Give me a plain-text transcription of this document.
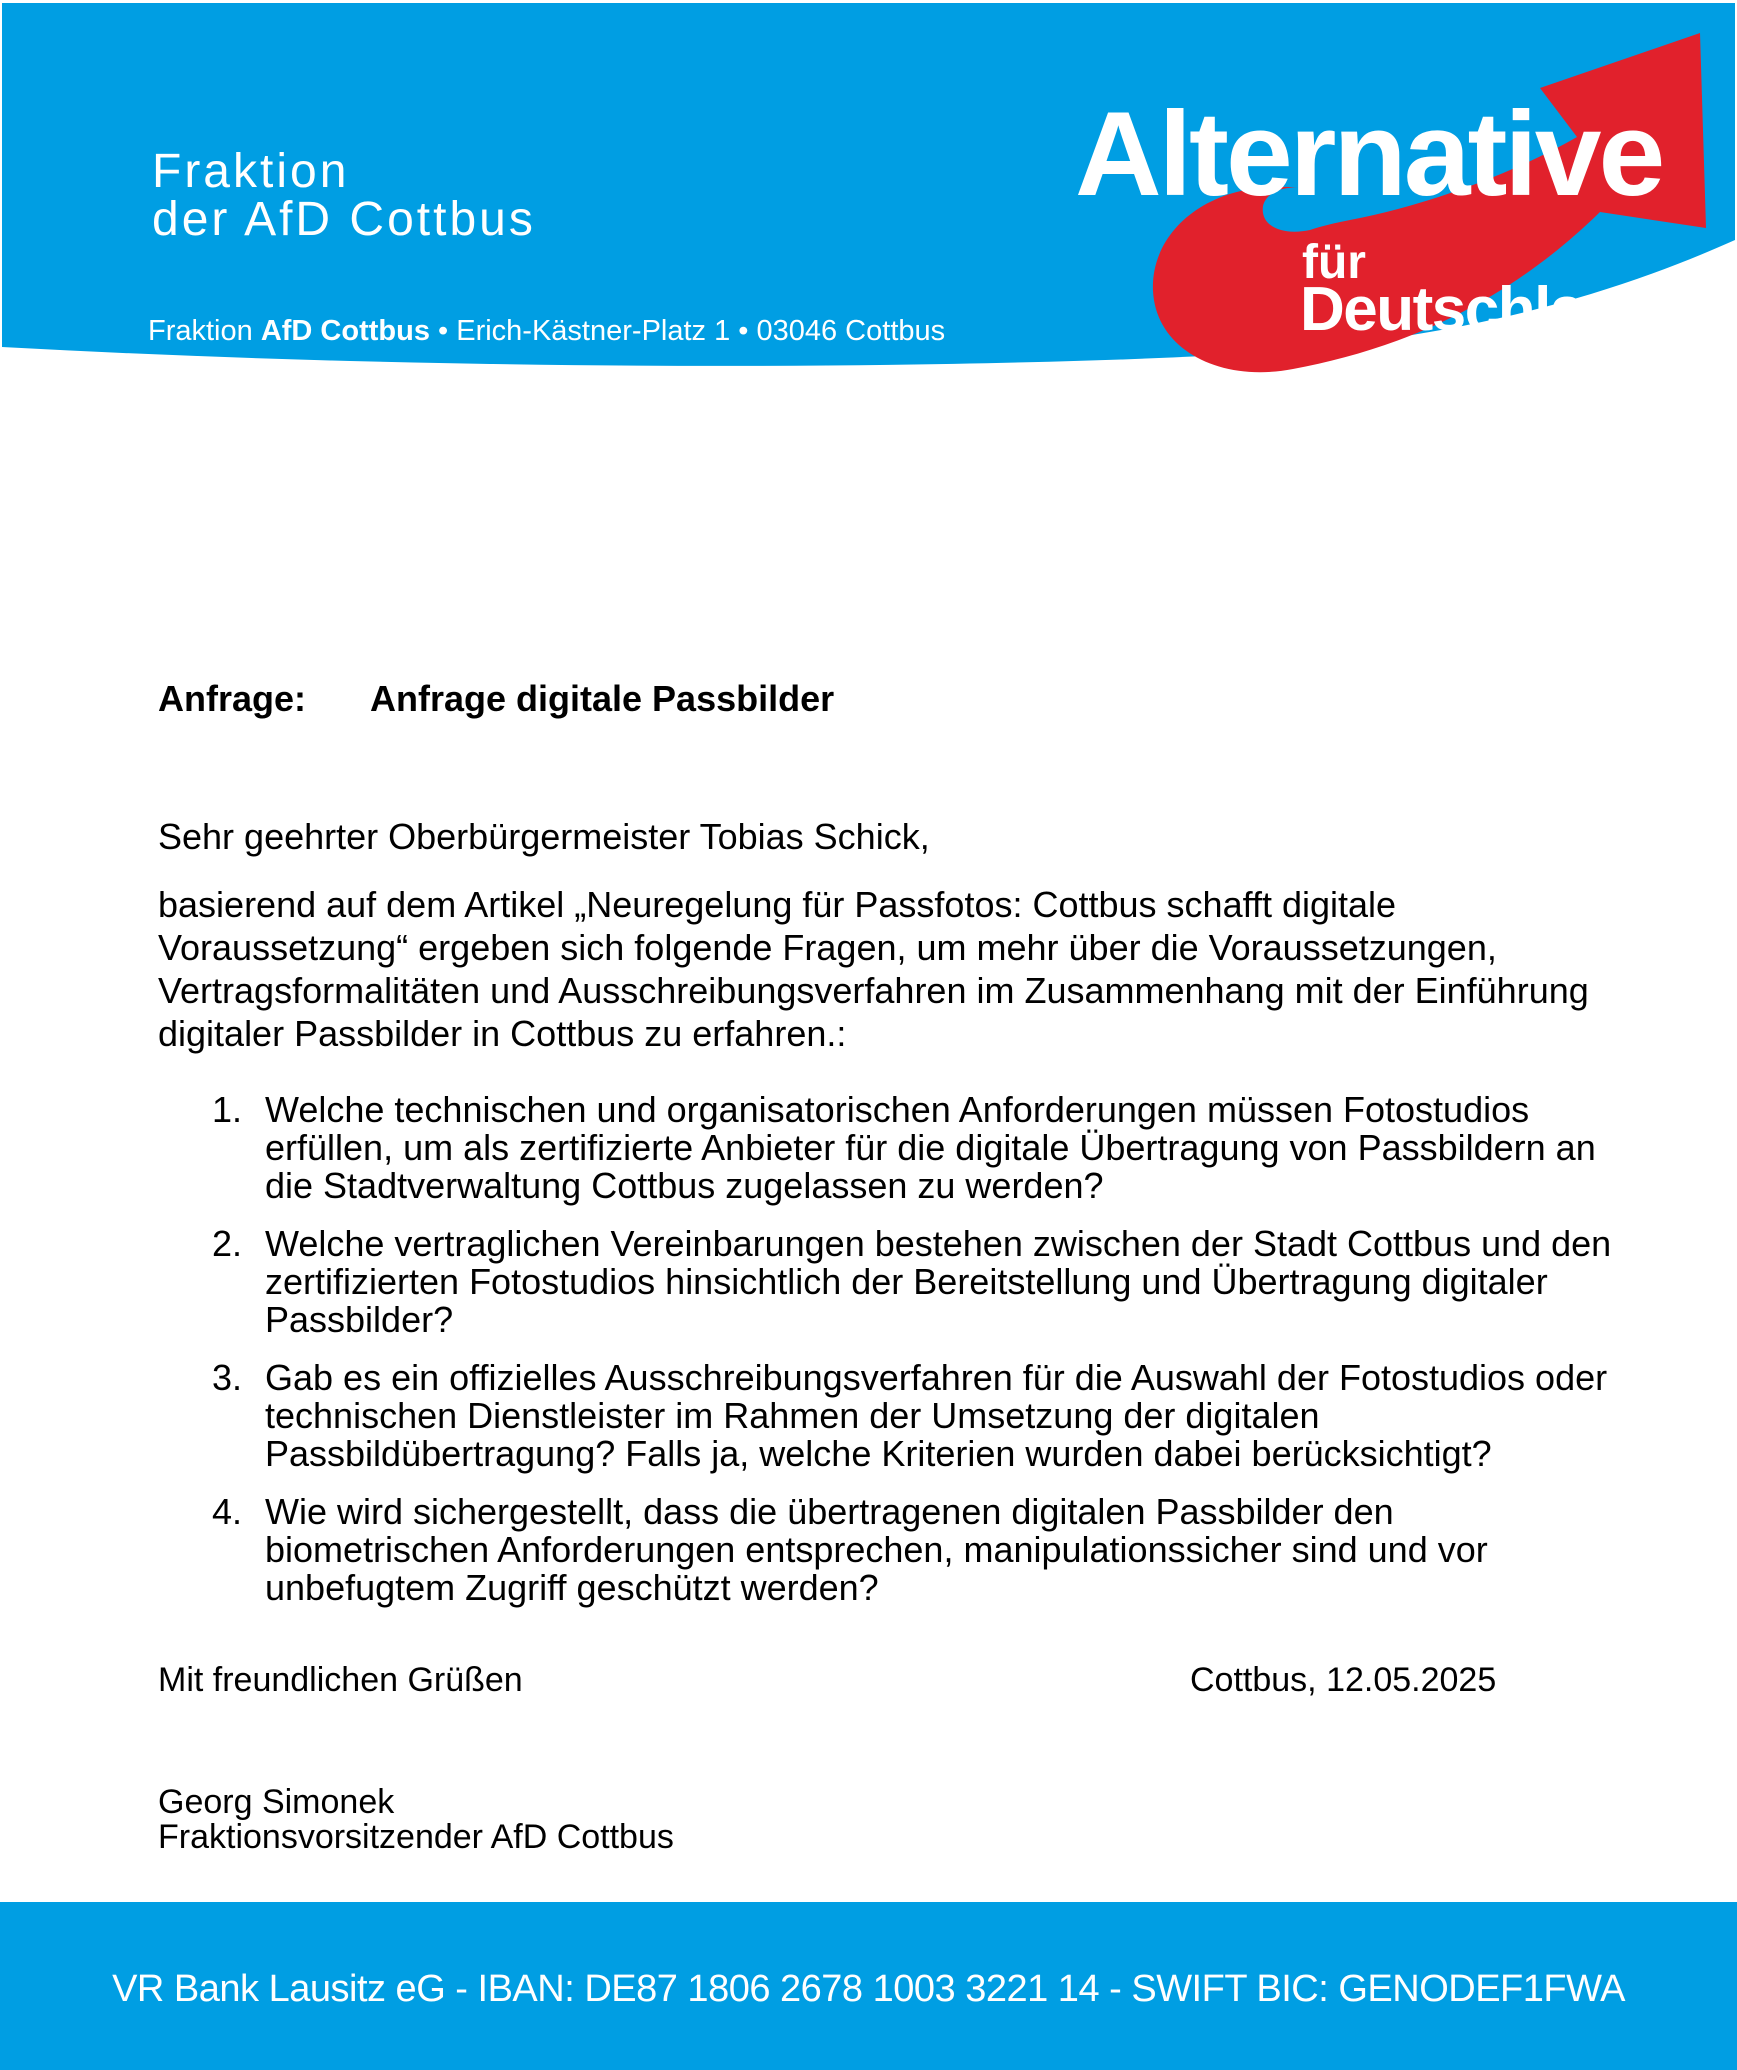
Fraktion
der AfD Cottbus
Fraktion AfD Cottbus • Erich-Kästner-Platz 1 • 03046 Cottbus
Alternative
für
Deutschland
Anfrage:	Anfrage digitale Passbilder
Sehr geehrter Oberbürgermeister Tobias Schick,
basierend auf dem Artikel „Neuregelung für Passfotos: Cottbus schafft digitale
Voraussetzung“ ergeben sich folgende Fragen, um mehr über die Voraussetzungen,
Vertragsformalitäten und Ausschreibungsverfahren im Zusammenhang mit der Einführung
digitaler Passbilder in Cottbus zu erfahren.:
1. Welche technischen und organisatorischen Anforderungen müssen Fotostudios
erfüllen, um als zertifizierte Anbieter für die digitale Übertragung von Passbildern an
die Stadtverwaltung Cottbus zugelassen zu werden?
2. Welche vertraglichen Vereinbarungen bestehen zwischen der Stadt Cottbus und den
zertifizierten Fotostudios hinsichtlich der Bereitstellung und Übertragung digitaler
Passbilder?
3. Gab es ein offizielles Ausschreibungsverfahren für die Auswahl der Fotostudios oder
technischen Dienstleister im Rahmen der Umsetzung der digitalen
Passbildübertragung? Falls ja, welche Kriterien wurden dabei berücksichtigt?
4. Wie wird sichergestellt, dass die übertragenen digitalen Passbilder den
biometrischen Anforderungen entsprechen, manipulationssicher sind und vor
unbefugtem Zugriff geschützt werden?
Mit freundlichen Grüßen	Cottbus, 12.05.2025
Georg Simonek
Fraktionsvorsitzender AfD Cottbus
VR Bank Lausitz eG - IBAN: DE87 1806 2678 1003 3221 14 - SWIFT BIC: GENODEF1FWA
